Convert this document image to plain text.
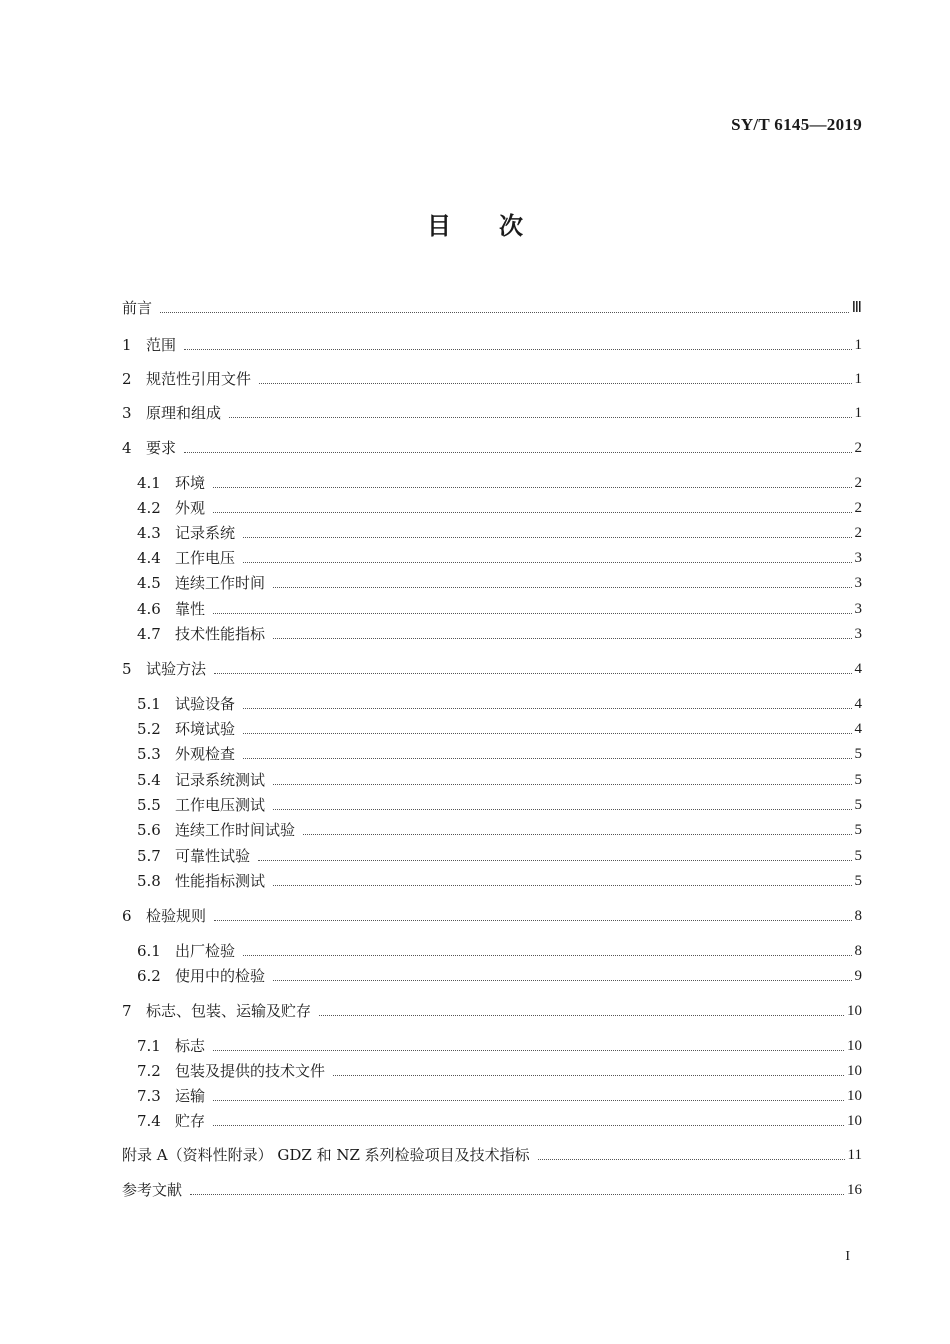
SY/T 6145—2019
目 次
前言	Ⅲ
1 范围	1
2 规范性引用文件	1
3 原理和组成	1
4 要求	2
4.1 环境	2
4.2 外观	2
4.3 记录系统	2
4.4 工作电压	3
4.5 连续工作时间	3
4.6 靠性	3
4.7 技术性能指标	3
5 试验方法	4
5.1 试验设备	4
5.2 环境试验	4
5.3 外观检查	5
5.4 记录系统测试	5
5.5 工作电压测试	5
5.6 连续工作时间试验	5
5.7 可靠性试验	5
5.8 性能指标测试	5
6 检验规则	8
6.1 出厂检验	8
6.2 使用中的检验	9
7 标志、包装、运输及贮存	10
7.1 标志	10
7.2 包装及提供的技术文件	10
7.3 运输	10
7.4 贮存	10
附录 A（资料性附录） GDZ 和 NZ 系列检验项目及技术指标	11
参考文献	16
I
